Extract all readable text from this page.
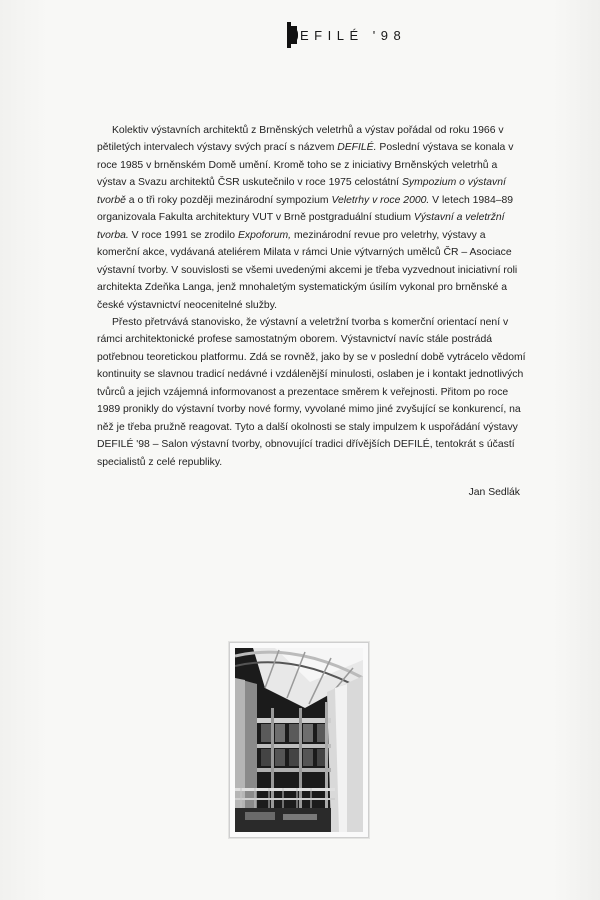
EFILÉ '98

Kolektiv výstavních architektů z Brněnských veletrhů a výstav pořádal od roku 1966 v pětiletých intervalech výstavy svých prací s názvem DEFILÉ. Poslední výstava se konala v roce 1985 v brněnském Domě umění. Kromě toho se z iniciativy Brněnských veletrhů a výstav a Svazu architektů ČSR uskutečnilo v roce 1975 celostátní Sympozium o výstavní tvorbě a o tři roky později mezinárodní sympozium Veletrhy v roce 2000. V letech 1984–89 organizovala Fakulta architektury VUT v Brně postgraduální studium Výstavní a veletržní tvorba. V roce 1991 se zrodilo Expoforum, mezinárodní revue pro veletrhy, výstavy a komerční akce, vydávaná ateliérem Milata v rámci Unie výtvarných umělců ČR – Asociace výstavní tvorby. V souvislosti se všemi uvedenými akcemi je třeba vyzvednout iniciativní roli architekta Zdeňka Langa, jenž mnohaletým systematickým úsilím vykonal pro brněnské a české výstavnictví neocenitelné služby.

Přesto přetrvává stanovisko, že výstavní a veletržní tvorba s komerční orientací není v rámci architektonické profese samostatným oborem. Výstavnictví navíc stále postrádá potřebnou teoretickou platformu. Zdá se rovněž, jako by se v poslední době vytrácelo vědomí kontinuity se slavnou tradicí nedávné i vzdálenější minulosti, oslaben je i kontakt jednotlivých tvůrců a jejich vzájemná informovanost a prezentace směrem k veřejnosti. Přitom po roce 1989 pronikly do výstavní tvorby nové formy, vyvolané mimo jiné zvyšující se konkurencí, na něž je třeba pružně reagovat. Tyto a další okolnosti se staly impulzem k uspořádání výstavy DEFILÉ '98 – Salon výstavní tvorby, obnovující tradici dřívějších DEFILÉ, tentokrát s účastí specialistů z celé republiky.

Jan Sedlák
